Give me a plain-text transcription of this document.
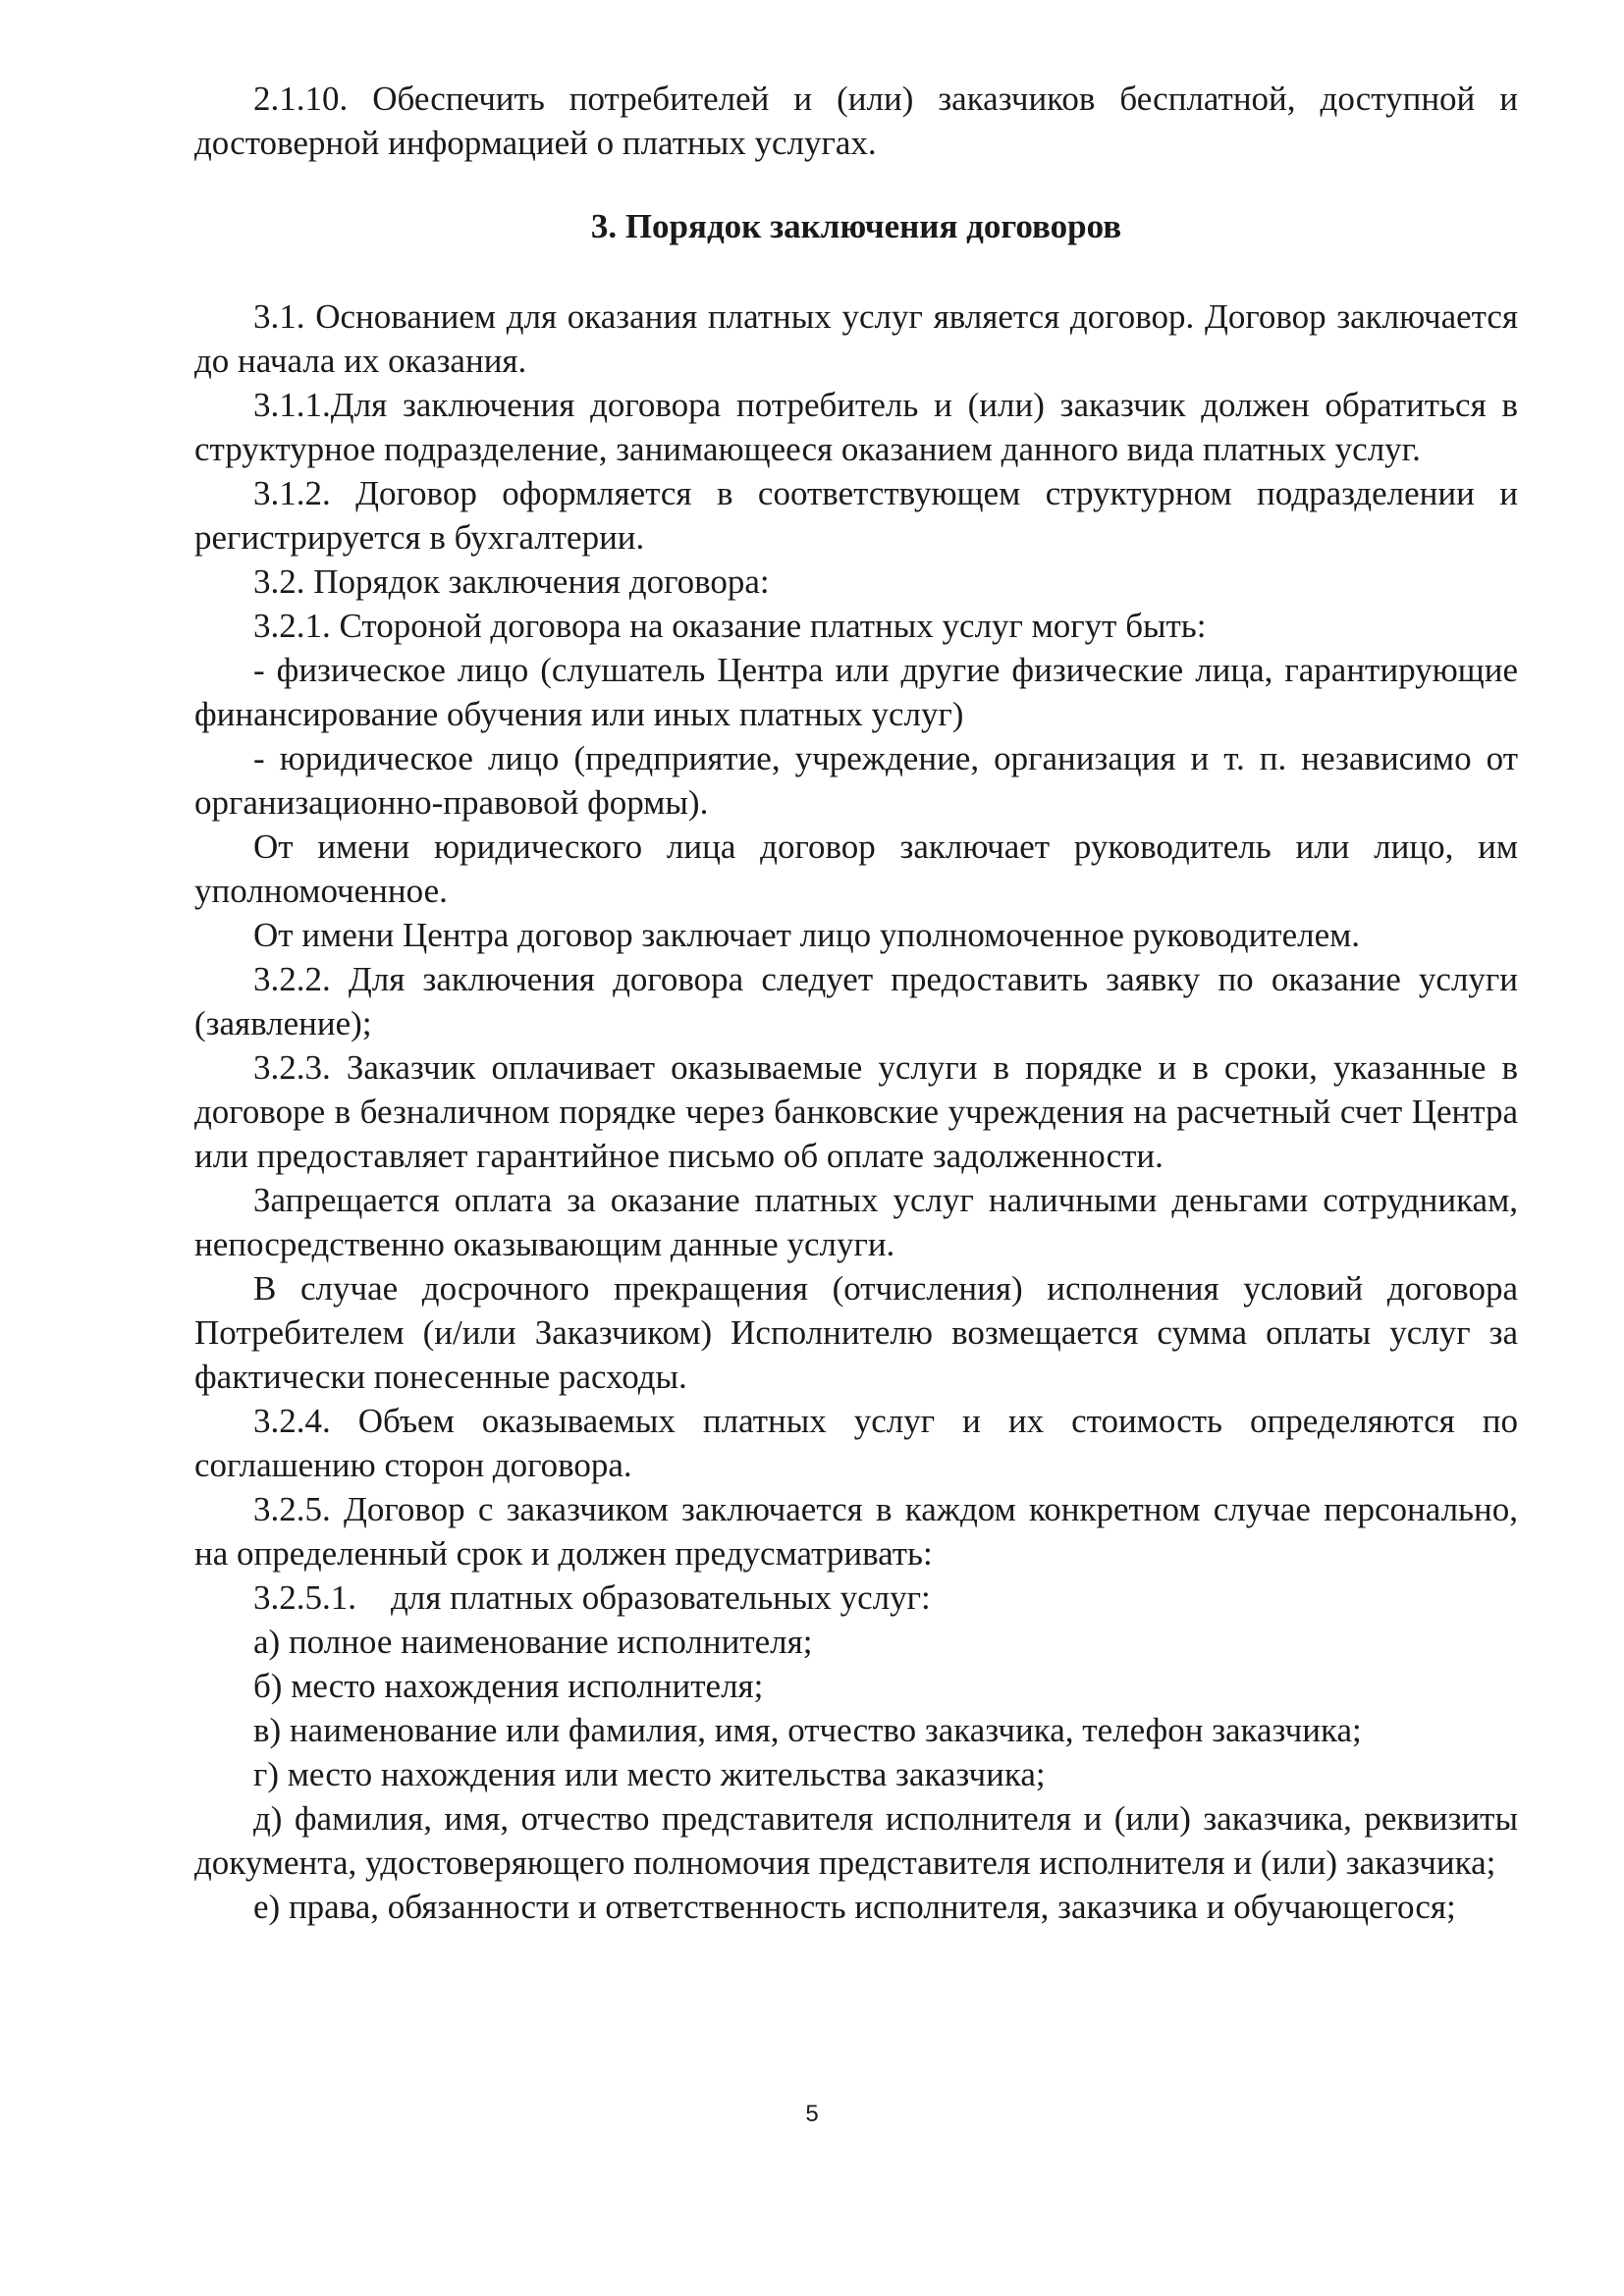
2.1.10. Обеспечить потребителей и (или) заказчиков бесплатной, доступной и достоверной информацией о платных услугах.

3. Порядок заключения договоров

3.1. Основанием для оказания платных услуг является договор. Договор заключается до начала их оказания.

3.1.1.Для заключения договора потребитель и (или) заказчик должен обратиться в структурное подразделение, занимающееся оказанием данного вида платных услуг.

3.1.2. Договор оформляется в соответствующем структурном подразделении и регистрируется в бухгалтерии.

3.2. Порядок заключения договора:

3.2.1. Стороной договора на оказание платных услуг могут быть:

- физическое лицо (слушатель Центра или другие физические лица, гарантирующие финансирование обучения или иных платных услуг)

- юридическое лицо (предприятие, учреждение, организация и т. п. независимо от организационно-правовой формы).

От имени юридического лица договор заключает руководитель или лицо, им уполномоченное.

От имени Центра договор заключает лицо уполномоченное руководителем.

3.2.2. Для заключения договора следует предоставить заявку по оказание услуги (заявление);

3.2.3. Заказчик оплачивает оказываемые услуги в порядке и в сроки, указанные в договоре в безналичном порядке через банковские учреждения на расчетный счет Центра или предоставляет гарантийное письмо об оплате задолженности.

Запрещается оплата за оказание платных услуг наличными деньгами сотрудникам, непосредственно оказывающим данные услуги.

В случае досрочного прекращения (отчисления) исполнения условий договора Потребителем (и/или Заказчиком) Исполнителю возмещается сумма оплаты услуг за фактически понесенные расходы.

3.2.4. Объем оказываемых платных услуг и их стоимость определяются по соглашению сторон договора.

3.2.5. Договор с заказчиком заключается в каждом конкретном случае персонально, на определенный срок и должен предусматривать:

3.2.5.1.    для платных образовательных услуг:

а) полное наименование исполнителя;

б) место нахождения исполнителя;

в) наименование или фамилия, имя, отчество заказчика, телефон заказчика;

г) место нахождения или место жительства заказчика;

д) фамилия, имя, отчество представителя исполнителя и (или) заказчика, реквизиты документа, удостоверяющего полномочия представителя исполнителя и (или) заказчика;

е) права, обязанности и ответственность исполнителя, заказчика и обучающегося;

5
